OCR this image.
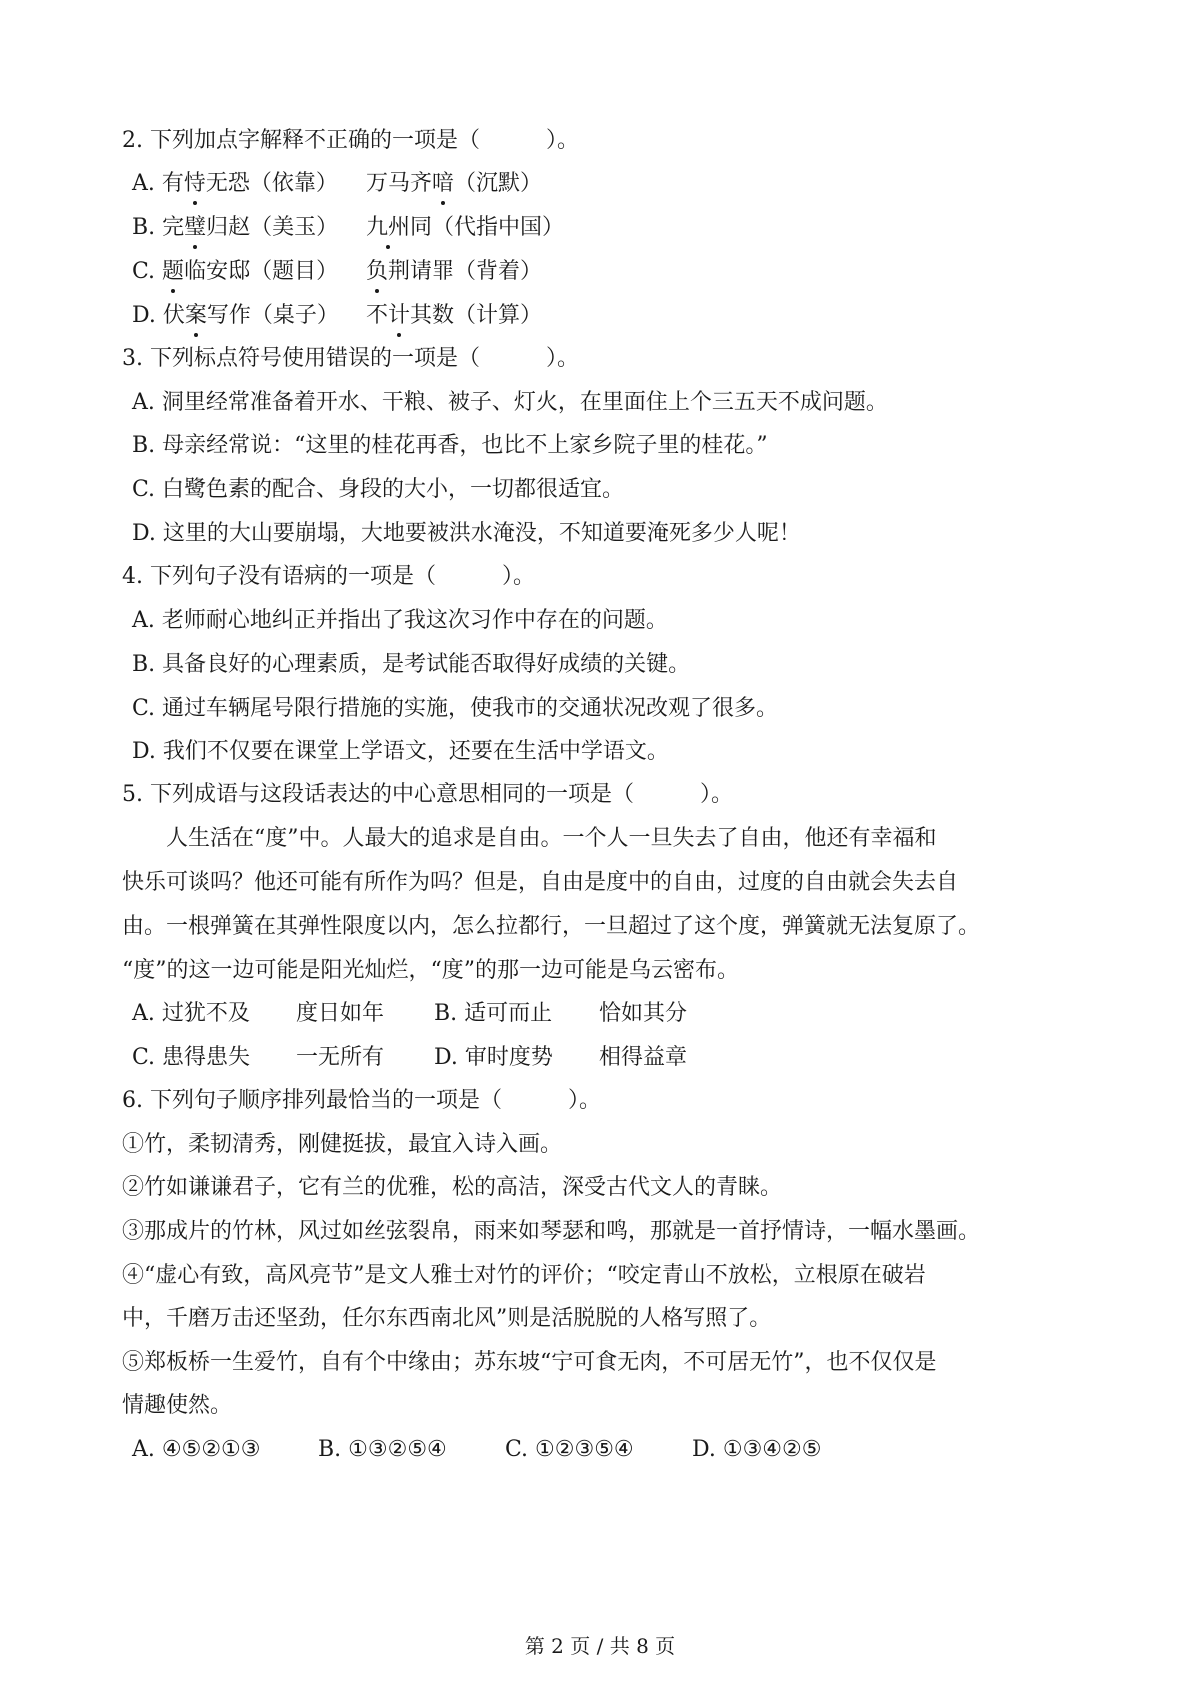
2. 下列加点字解释不正确的一项是（　　　）。
A. 有恃无恐（依靠） 万马齐喑（沉默）
B. 完璧归赵（美玉） 九州同（代指中国）
C. 题临安邸（题目） 负荆请罪（背着）
D. 伏案写作（桌子） 不计其数（计算）
3. 下列标点符号使用错误的一项是（　　　）。
A. 洞里经常准备着开水、干粮、被子、灯火，在里面住上个三五天不成问题。
B. 母亲经常说：“这里的桂花再香，也比不上家乡院子里的桂花。”
C. 白鹭色素的配合、身段的大小，一切都很适宜。
D. 这里的大山要崩塌，大地要被洪水淹没，不知道要淹死多少人呢！
4. 下列句子没有语病的一项是（　　　）。
A. 老师耐心地纠正并指出了我这次习作中存在的问题。
B. 具备良好的心理素质，是考试能否取得好成绩的关键。
C. 通过车辆尾号限行措施的实施，使我市的交通状况改观了很多。
D. 我们不仅要在课堂上学语文，还要在生活中学语文。
5. 下列成语与这段话表达的中心意思相同的一项是（　　　）。
　　人生活在“度”中。人最大的追求是自由。一个人一旦失去了自由，他还有幸福和
快乐可谈吗？他还可能有所作为吗？但是，自由是度中的自由，过度的自由就会失去自
由。一根弹簧在其弹性限度以内，怎么拉都行，一旦超过了这个度，弹簧就无法复原了。
“度”的这一边可能是阳光灿烂，“度”的那一边可能是乌云密布。
A. 过犹不及 度日如年 B. 适可而止 恰如其分
C. 患得患失 一无所有 D. 审时度势 相得益章
6. 下列句子顺序排列最恰当的一项是（　　　）。
①竹，柔韧清秀，刚健挺拔，最宜入诗入画。
②竹如谦谦君子，它有兰的优雅，松的高洁，深受古代文人的青睐。
③那成片的竹林，风过如丝弦裂帛，雨来如琴瑟和鸣，那就是一首抒情诗，一幅水墨画。
④“虚心有致，高风亮节”是文人雅士对竹的评价；“咬定青山不放松，立根原在破岩
中，千磨万击还坚劲，任尔东西南北风”则是活脱脱的人格写照了。
⑤郑板桥一生爱竹，自有个中缘由；苏东坡“宁可食无肉，不可居无竹”，也不仅仅是
情趣使然。
A. ④⑤②①③	B. ①③②⑤④	C. ①②③⑤④	D. ①③④②⑤
第 2 页 / 共 8 页
